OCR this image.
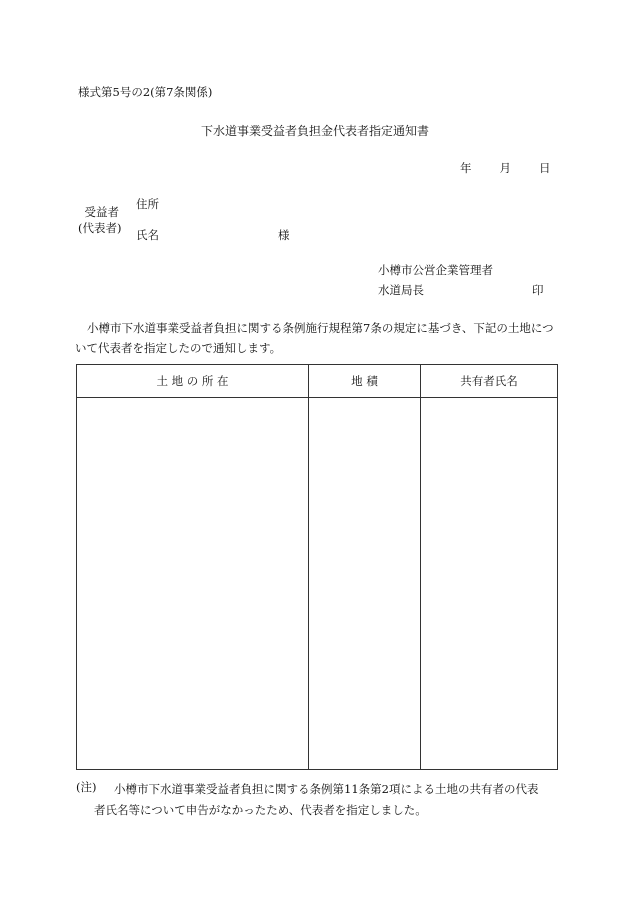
様式第5号の2(第7条関係)
下水道事業受益者負担金代表者指定通知書
年 月 日
受益者
(代表者)
住所
氏名	様
小樽市公営企業管理者
水道局長	印
小樽市下水道事業受益者負担に関する条例施行規程第7条の規定に基づき、下記の土地について代表者を指定したので通知します。
土 地 の 所 在	地 積	共有者氏名

(注) 小樽市下水道事業受益者負担に関する条例第11条第2項による土地の共有者の代表

者氏名等について申告がなかったため、代表者を指定しました。
